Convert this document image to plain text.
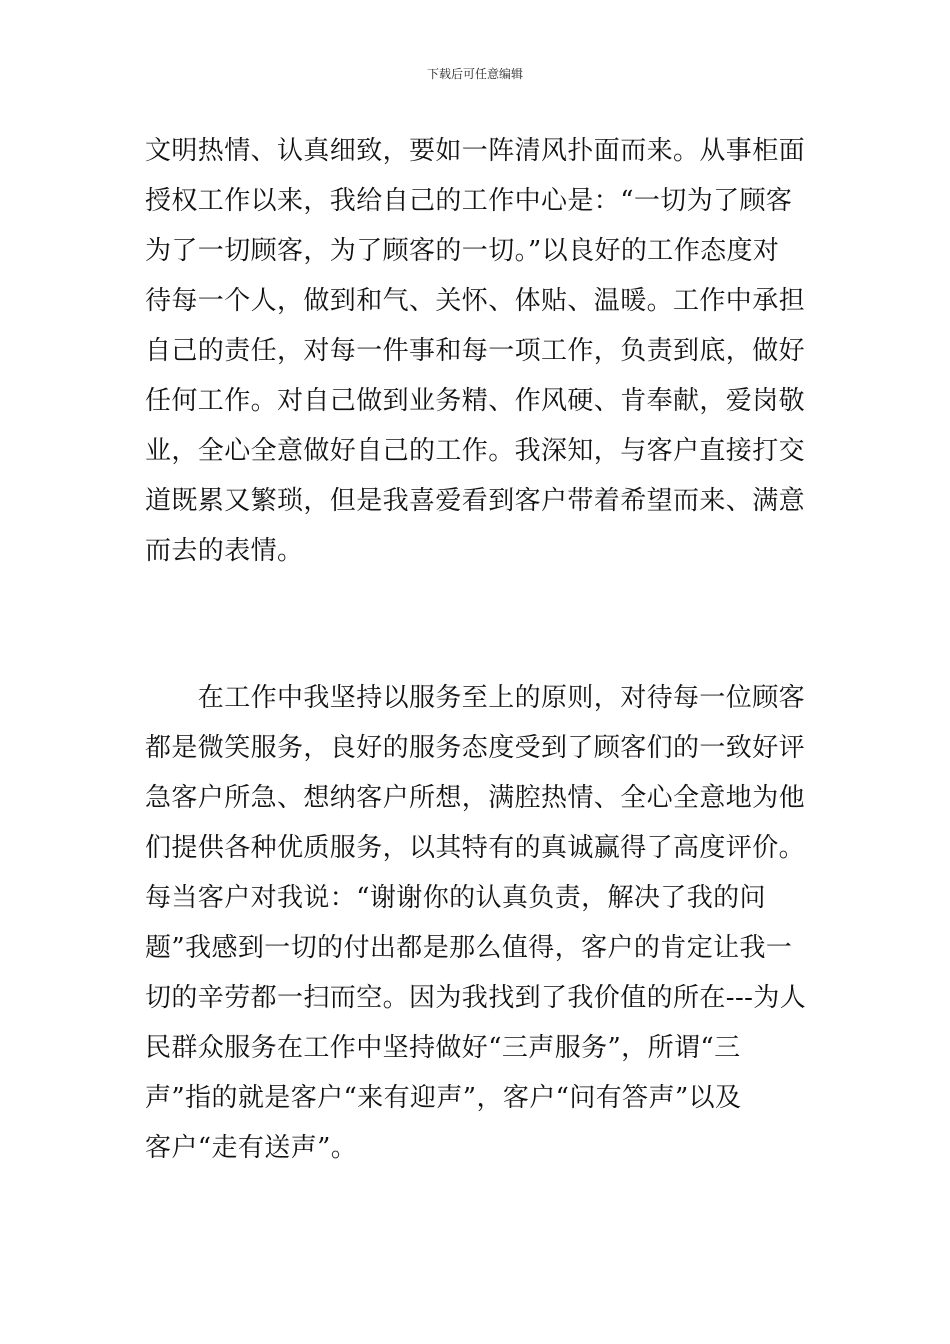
下载后可任意编辑
文明热情、认真细致，要如一阵清风扑面而来。从事柜面
授权工作以来，我给自己的工作中心是：“一切为了顾客
为了一切顾客，为了顾客的一切。”以良好的工作态度对
待每一个人，做到和气、关怀、体贴、温暖。工作中承担
自己的责任，对每一件事和每一项工作，负责到底，做好
任何工作。对自己做到业务精、作风硬、肯奉献，爱岗敬
业，全心全意做好自己的工作。我深知，与客户直接打交
道既累又繁琐，但是我喜爱看到客户带着希望而来、满意
而去的表情。
　　在工作中我坚持以服务至上的原则，对待每一位顾客
都是微笑服务，良好的服务态度受到了顾客们的一致好评
急客户所急、想纳客户所想，满腔热情、全心全意地为他
们提供各种优质服务，以其特有的真诚赢得了高度评价。
每当客户对我说：“谢谢你的认真负责，解决了我的问
题”我感到一切的付出都是那么值得，客户的肯定让我一
切的辛劳都一扫而空。因为我找到了我价值的所在---为人
民群众服务在工作中坚持做好“三声服务”，所谓“三
声”指的就是客户“来有迎声”，客户“问有答声”以及
客户“走有送声”。
